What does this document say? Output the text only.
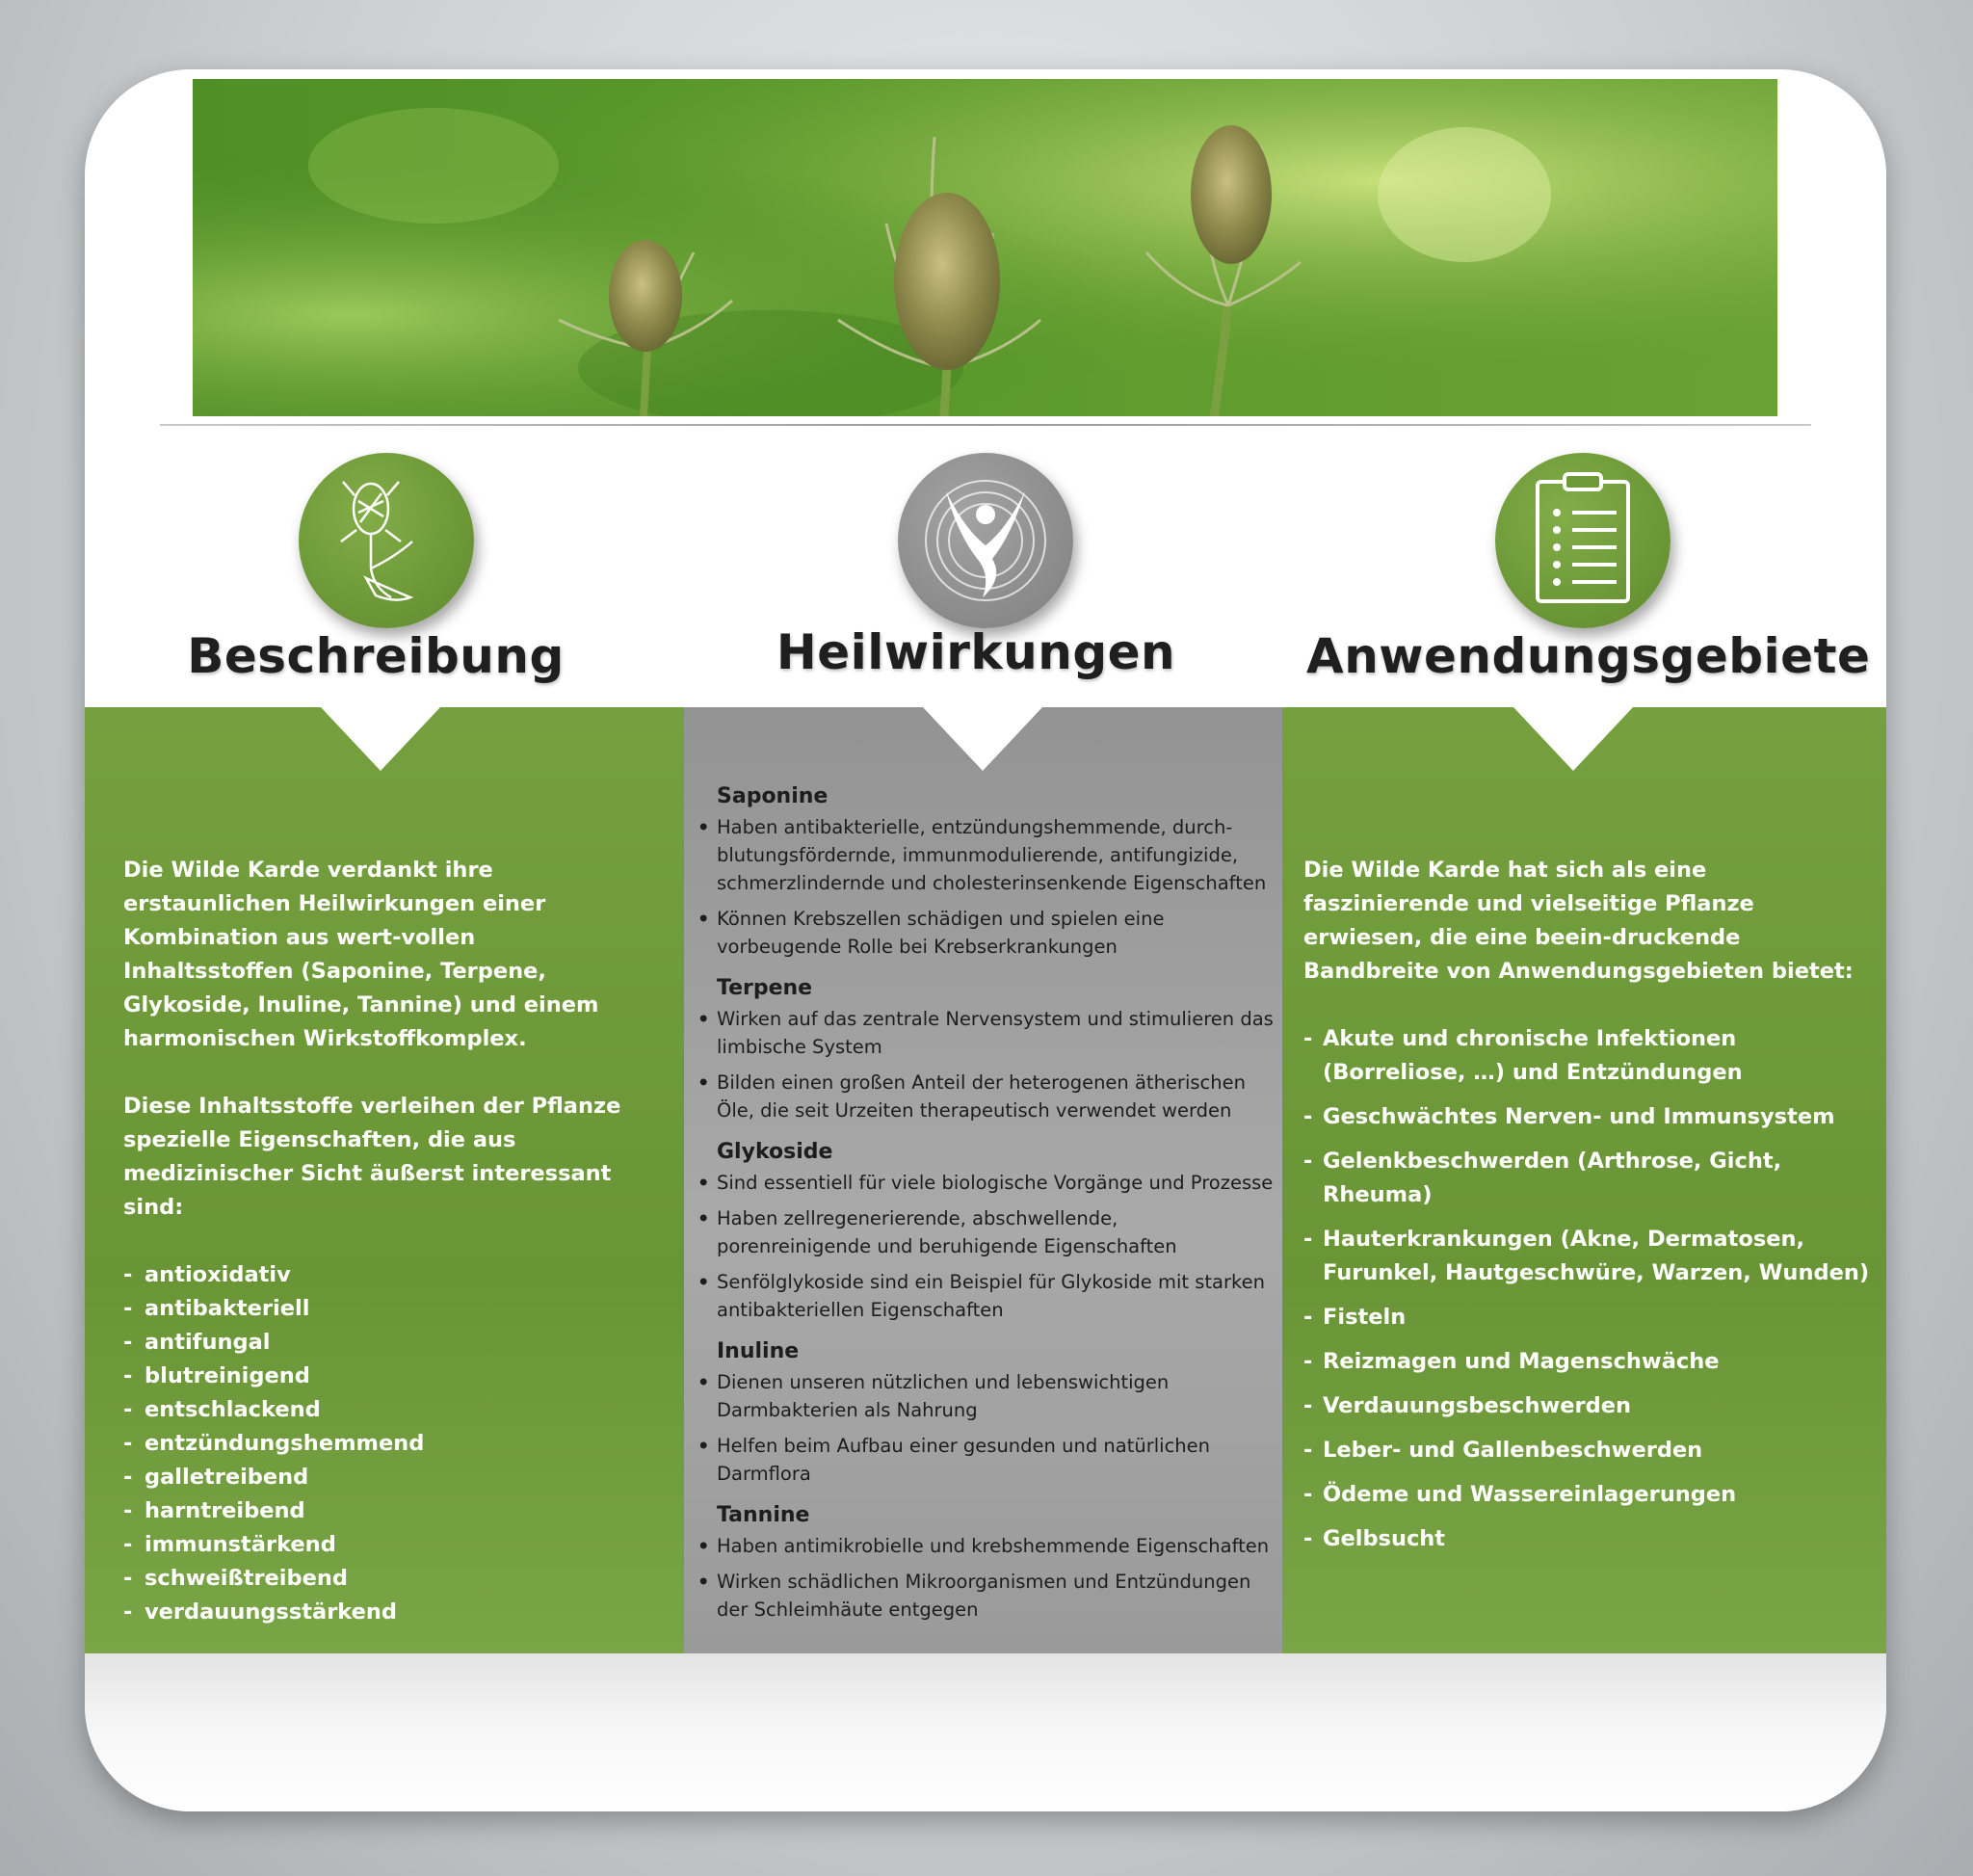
Beschreibung	Heilwirkungen	Anwendungsgebiete

Die Wilde Karde verdankt ihre erstaunlichen Heilwirkungen einer Kombination aus wert-vollen Inhaltsstoffen (Saponine, Terpene, Glykoside, Inuline, Tannine) und einem harmonischen Wirkstoffkomplex.

Diese Inhaltsstoffe verleihen der Pflanze spezielle Eigenschaften, die aus medizinischer Sicht äußerst interessant sind:

- antioxidativ
- antibakteriell
- antifungal
- blutreinigend
- entschlackend
- entzündungshemmend
- galletreibend
- harntreibend
- immunstärkend
- schweißtreibend
- verdauungsstärkend

Saponine
• Haben antibakterielle, entzündungshemmende, durch-blutungsfördernde, immunmodulierende, antifungizide, schmerzlindernde und cholesterinsenkende Eigenschaften
• Können Krebszellen schädigen und spielen eine vorbeugende Rolle bei Krebserkrankungen
Terpene
• Wirken auf das zentrale Nervensystem und stimulieren das limbische System
• Bilden einen großen Anteil der heterogenen ätherischen Öle, die seit Urzeiten therapeutisch verwendet werden
Glykoside
• Sind essentiell für viele biologische Vorgänge und Prozesse
• Haben zellregenerierende, abschwellende, porenreinigende und beruhigende Eigenschaften
• Senfölglykoside sind ein Beispiel für Glykoside mit starken antibakteriellen Eigenschaften
Inuline
• Dienen unseren nützlichen und lebenswichtigen Darmbakterien als Nahrung
• Helfen beim Aufbau einer gesunden und natürlichen Darmflora
Tannine
• Haben antimikrobielle und krebshemmende Eigenschaften
• Wirken schädlichen Mikroorganismen und Entzündungen der Schleimhäute entgegen

Die Wilde Karde hat sich als eine faszinierende und vielseitige Pflanze erwiesen, die eine beein-druckende Bandbreite von Anwendungsgebieten bietet:

- Akute und chronische Infektionen (Borreliose, …) und Entzündungen
- Geschwächtes Nerven- und Immunsystem
- Gelenkbeschwerden (Arthrose, Gicht, Rheuma)
- Hauterkrankungen (Akne, Dermatosen, Furunkel, Hautgeschwüre, Warzen, Wunden)
- Fisteln
- Reizmagen und Magenschwäche
- Verdauungsbeschwerden
- Leber- und Gallenbeschwerden
- Ödeme und Wassereinlagerungen
- Gelbsucht
